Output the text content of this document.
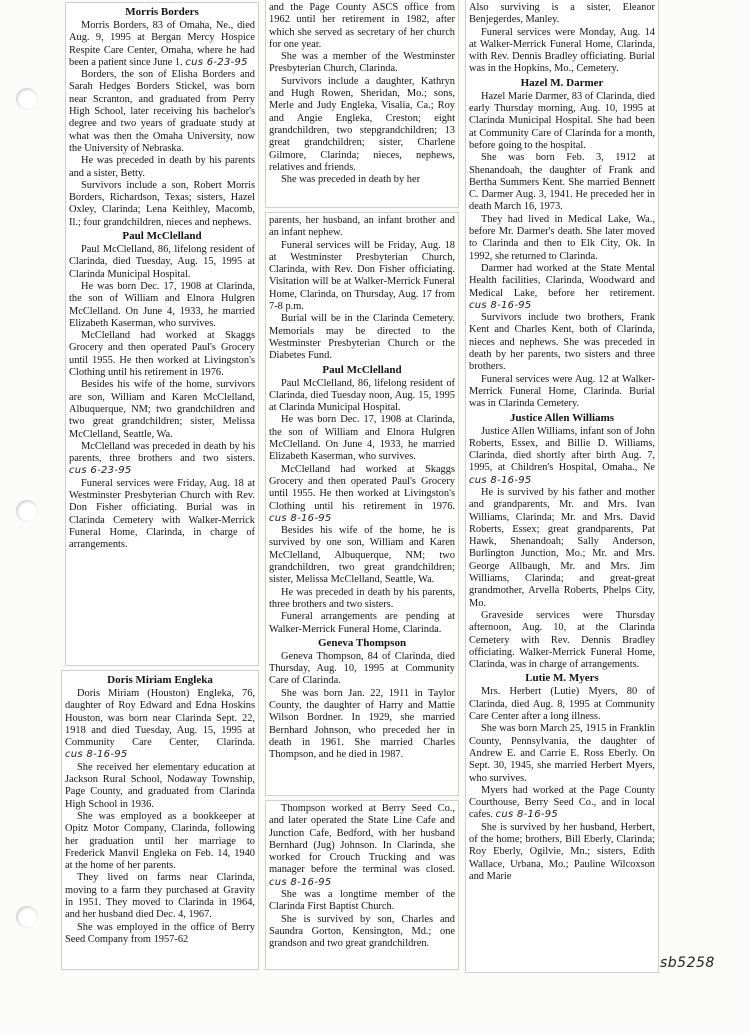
Morris Borders

Morris Borders, 83 of Omaha, Ne., died Aug. 9, 1995 at Bergan Mercy Hospice Respite Care Center, Omaha, where he had been a patient since June 1. cus 6-23-95

Borders, the son of Elisha Borders and Sarah Hedges Borders Stickel, was born near Scranton, and graduated from Perry High School, later receiving his bachelor's degree and two years of graduate study at what was then the Omaha University, now the University of Nebraska.

He was preceded in death by his parents and a sister, Betty.

Survivors include a son, Robert Morris Borders, Richardson, Texas; sisters, Hazel Oxley, Clarinda; Lena Keithley, Macomb, Il.; four grandchildren, nieces and nephews.

Paul McClelland

Paul McClelland, 86, lifelong resident of Clarinda, died Tuesday, Aug. 15, 1995 at Clarinda Municipal Hospital.

He was born Dec. 17, 1908 at Clarinda, the son of William and Elnora Hulgren McClelland. On June 4, 1933, he married Elizabeth Kaserman, who survives.

McClelland had worked at Skaggs Grocery and then operated Paul's Grocery until 1955. He then worked at Livingston's Clothing until his retirement in 1976.

Besides his wife of the home, survivors are son, William and Karen McClelland, Albuquerque, NM; two grandchildren and two great grandchildren; sister, Melissa McClelland, Seattle, Wa.

McClelland was preceded in death by his parents, three brothers and two sisters. cus 6-23-95

Funeral services were Friday, Aug. 18 at Westminster Presbyterian Church with Rev. Don Fisher officiating. Burial was in Clarinda Cemetery with Walker-Merrick Funeral Home, Clarinda, in charge of arrangements.

Doris Miriam Engleka

Doris Miriam (Houston) Engleka, 76, daughter of Roy Edward and Edna Hoskins Houston, was born near Clarinda Sept. 22, 1918 and died Tuesday, Aug. 15, 1995 at Community Care Center, Clarinda. cus 8-16-95

She received her elementary education at Jackson Rural School, Nodaway Township, Page County, and graduated from Clarinda High School in 1936.

She was employed as a bookkeeper at Opitz Motor Company, Clarinda, following her graduation until her marriage to Frederick Manvil Engleka on Feb. 14, 1940 at the home of her parents.

They lived on farms near Clarinda, moving to a farm they purchased at Gravity in 1951. They moved to Clarinda in 1964, and her husband died Dec. 4, 1967.

She was employed in the office of Berry Seed Company from 1957-62

and the Page County ASCS office from 1962 until her retirement in 1982, after which she served as secretary of her church for one year.

She was a member of the Westminster Presbyterian Church, Clarinda.

Survivors include a daughter, Kathryn and Hugh Rowen, Sheridan, Mo.; sons, Merle and Judy Engleka, Visalia, Ca.; Roy and Angie Engleka, Creston; eight grandchildren, two stepgrandchildren; 13 great grandchildren; sister, Charlene Gilmore, Clarinda; nieces, nephews, relatives and friends.

She was preceded in death by her

parents, her husband, an infant brother and an infant nephew.

Funeral services will be Friday, Aug. 18 at Westminster Presbyterian Church, Clarinda, with Rev. Don Fisher officiating. Visitation will be at Walker-Merrick Funeral Home, Clarinda, on Thursday, Aug. 17 from 7-8 p.m.

Burial will be in the Clarinda Cemetery. Memorials may be directed to the Westminster Presbyterian Church or the Diabetes Fund.

Paul McClelland

Paul McClelland, 86, lifelong resident of Clarinda, died Tuesday noon, Aug. 15, 1995 at Clarinda Municipal Hospital.

He was born Dec. 17, 1908 at Clarinda, the son of William and Elnora Hulgren McClelland. On June 4, 1933, he married Elizabeth Kaserman, who survives.

McClelland had worked at Skaggs Grocery and then operated Paul's Grocery until 1955. He then worked at Livingston's Clothing until his retirement in 1976. cus 8-16-95

Besides his wife of the home, he is survived by one son, William and Karen McClelland, Albuquerque, NM; two grandchildren, two great grandchildren; sister, Melissa McClelland, Seattle, Wa.

He was preceded in death by his parents, three brothers and two sisters.

Funeral arrangements are pending at Walker-Merrick Funeral Home, Clarinda.

Geneva Thompson

Geneva Thompson, 84 of Clarinda, died Thursday, Aug. 10, 1995 at Community Care of Clarinda.

She was born Jan. 22, 1911 in Taylor County, the daughter of Harry and Mattie Wilson Bordner. In 1929, she married Bernhard Johnson, who preceded her in death in 1961. She married Charles Thompson, and he died in 1987.

Thompson worked at Berry Seed Co., and later operated the State Line Cafe and Junction Cafe, Bedford, with her husband Bernhard (Jug) Johnson. In Clarinda, she worked for Crouch Trucking and was manager before the terminal was closed. cus 8-16-95

She was a longtime member of the Clarinda First Baptist Church.

She is survived by son, Charles and Saundra Gorton, Kensington, Md.; one grandson and two great grandchildren.

Also surviving is a sister, Eleanor Benjegerdes, Manley.

Funeral services were Monday, Aug. 14 at Walker-Merrick Funeral Home, Clarinda, with Rev. Dennis Bradley officiating. Burial was in the Hopkins, Mo., Cemetery.

Hazel M. Darmer

Hazel Marie Darmer, 83 of Clarinda, died early Thursday morning, Aug. 10, 1995 at Clarinda Municipal Hospital. She had been at Community Care of Clarinda for a month, before going to the hospital.

She was born Feb. 3, 1912 at Shenandoah, the daughter of Frank and Bertha Summers Kent. She married Bennett C. Darmer Aug. 3, 1941. He preceded her in death March 16, 1973.

They had lived in Medical Lake, Wa., before Mr. Darmer's death. She later moved to Clarinda and then to Elk City, Ok. In 1992, she returned to Clarinda.

Darmer had worked at the State Mental Health facilities, Clarinda, Woodward and Medical Lake, before her retirement. cus 8-16-95

Survivors include two brothers, Frank Kent and Charles Kent, both of Clarinda, nieces and nephews. She was preceded in death by her parents, two sisters and three brothers.

Funeral services were Aug. 12 at Walker-Merrick Funeral Home, Clarinda. Burial was in Clarinda Cemetery.

Justice Allen Williams

Justice Allen Williams, infant son of John Roberts, Essex, and Billie D. Williams, Clarinda, died shortly after birth Aug. 7, 1995, at Children's Hospital, Omaha., Ne cus 8-16-95

He is survived by his father and mother and grandparents, Mr. and Mrs. Ivan Williams, Clarinda; Mr. and Mrs. David Roberts, Essex; great grandparents, Pat Hawk, Shenandoah; Sally Anderson, Burlington Junction, Mo.; Mr. and Mrs. George Allbaugh, Mr. and Mrs. Jim Williams, Clarinda; and great-great grandmother, Arvella Roberts, Phelps City, Mo.

Graveside services were Thursday afternoon, Aug. 10, at the Clarinda Cemetery with Rev. Dennis Bradley officiating. Walker-Merrick Funeral Home, Clarinda, was in charge of arrangements.

Lutie M. Myers

Mrs. Herbert (Lutie) Myers, 80 of Clarinda, died Aug. 8, 1995 at Community Care Center after a long illness.

She was born March 25, 1915 in Franklin County, Pennsylvania, the daughter of Andrew E. and Carrie E. Ross Eberly. On Sept. 30, 1945, she married Herbert Myers, who survives.

Myers had worked at the Page County Courthouse, Berry Seed Co., and in local cafes. cus 8-16-95

She is survived by her husband, Herbert, of the home; brothers, Bill Eberly, Clarinda; Roy Eberly, Ogilvie, Mn.; sisters, Edith Wallace, Urbana, Mo.; Pauline Wilcoxson and Marie

sb5258
